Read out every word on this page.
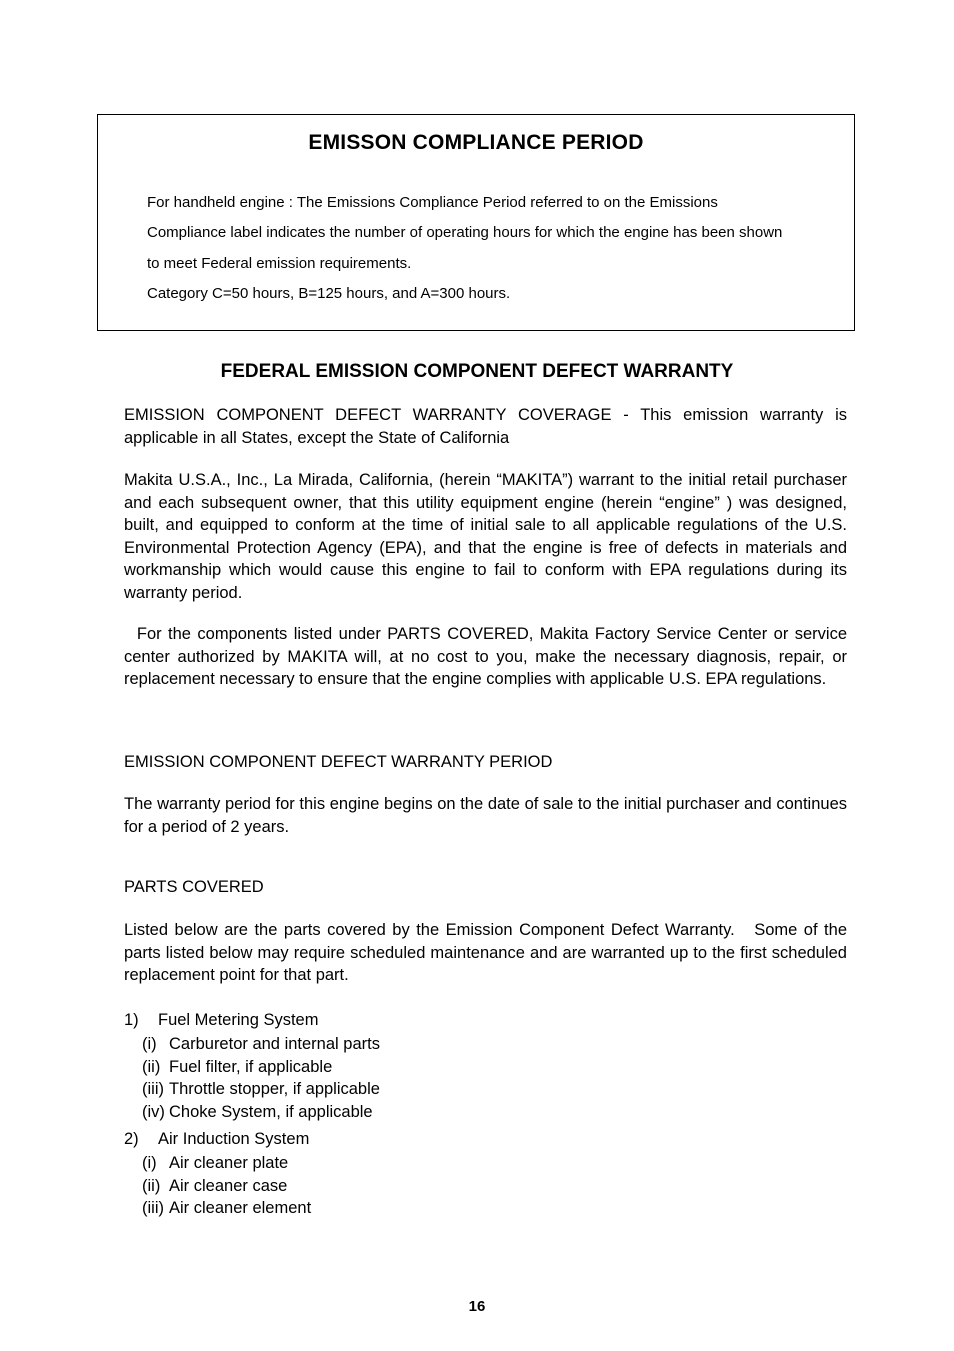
EMISSON COMPLIANCE PERIOD
For handheld engine : The Emissions Compliance Period referred to on the Emissions
Compliance label indicates the number of operating hours for which the engine has been shown
to meet Federal emission requirements.
Category C=50 hours, B=125 hours, and A=300 hours.
FEDERAL EMISSION COMPONENT DEFECT WARRANTY
EMISSION COMPONENT DEFECT WARRANTY COVERAGE - This emission warranty is applicable in all States, except the State of California
Makita U.S.A., Inc., La Mirada, California, (herein “MAKITA”) warrant to the initial retail purchaser and each subsequent owner, that this utility equipment engine (herein “engine” ) was designed, built, and equipped to conform at the time of initial sale to all applicable regulations of the U.S. Environmental Protection Agency (EPA), and that the engine is free of defects in materials and workmanship which would cause this engine to fail to conform with EPA regulations during its warranty period.
For the components listed under PARTS COVERED, Makita Factory Service Center or service center authorized by MAKITA will, at no cost to you, make the necessary diagnosis, repair, or replacement necessary to ensure that the engine complies with applicable U.S. EPA regulations.
EMISSION COMPONENT DEFECT WARRANTY PERIOD
The warranty period for this engine begins on the date of sale to the initial purchaser and continues for a period of 2 years.
PARTS COVERED
Listed below are the parts covered by the Emission Component Defect Warranty.   Some of the parts listed below may require scheduled maintenance and are warranted up to the first scheduled replacement point for that part.
1) Fuel Metering System
(i) Carburetor and internal parts
(ii) Fuel filter, if applicable
(iii) Throttle stopper, if applicable
(iv) Choke System, if applicable
2) Air Induction System
(i) Air cleaner plate
(ii) Air cleaner case
(iii) Air cleaner element
16
